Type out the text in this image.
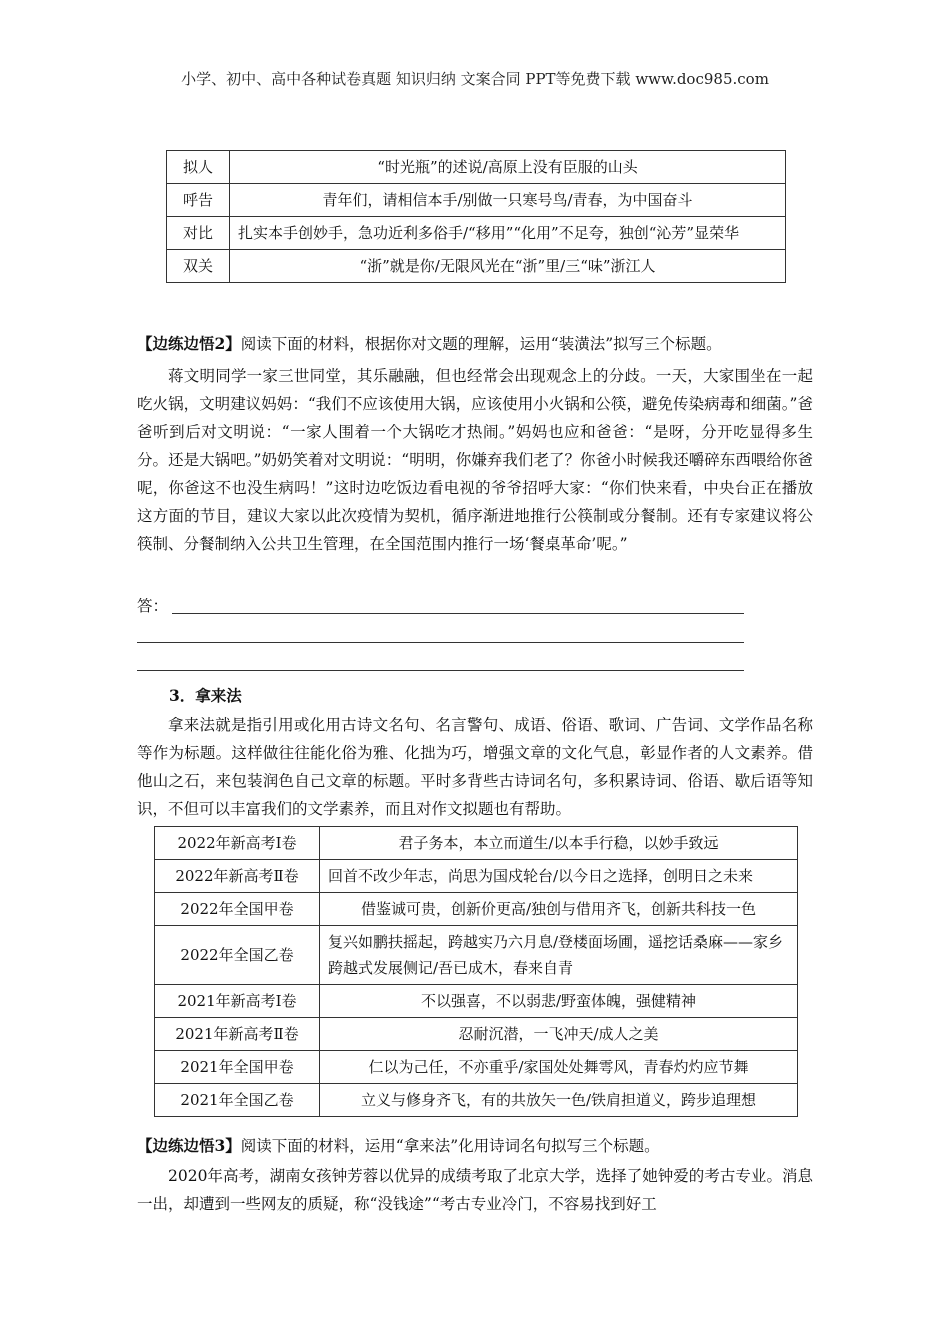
小学、初中、高中各种试卷真题 知识归纳 文案合同 PPT等免费下载 www.doc985.com
拟人	“时光瓶”的述说/高原上没有臣服的山头
呼告	青年们，请相信本手/别做一只寒号鸟/青春，为中国奋斗
对比	扎实本手创妙手，急功近利多俗手/“移用”“化用”不足夸，独创“沁芳”显荣华
双关	“浙”就是你/无限风光在“浙”里/三“味”浙江人
【边练边悟2】阅读下面的材料，根据你对文题的理解，运用“装潢法”拟写三个标题。
蒋文明同学一家三世同堂，其乐融融，但也经常会出现观念上的分歧。一天，大家围坐在一起吃火锅，文明建议妈妈：“我们不应该使用大锅，应该使用小火锅和公筷，避免传染病毒和细菌。”爸爸听到后对文明说：“一家人围着一个大锅吃才热闹。”妈妈也应和爸爸：“是呀，分开吃显得多生分。还是大锅吧。”奶奶笑着对文明说：“明明，你嫌弃我们老了？你爸小时候我还嚼碎东西喂给你爸呢，你爸这不也没生病吗！”这时边吃饭边看电视的爷爷招呼大家：“你们快来看，中央台正在播放这方面的节目，建议大家以此次疫情为契机，循序渐进地推行公筷制或分餐制。还有专家建议将公筷制、分餐制纳入公共卫生管理，在全国范围内推行一场‘餐桌革命’呢。”
答：
3．拿来法
拿来法就是指引用或化用古诗文名句、名言警句、成语、俗语、歌词、广告词、文学作品名称等作为标题。这样做往往能化俗为雅、化拙为巧，增强文章的文化气息，彰显作者的人文素养。借他山之石，来包装润色自己文章的标题。平时多背些古诗词名句，多积累诗词、俗语、歇后语等知识，不但可以丰富我们的文学素养，而且对作文拟题也有帮助。
2022年新高考Ⅰ卷	君子务本，本立而道生/以本手行稳，以妙手致远
2022年新高考Ⅱ卷	回首不改少年志，尚思为国戍轮台/以今日之选择，创明日之未来
2022年全国甲卷	借鉴诚可贵，创新价更高/独创与借用齐飞，创新共科技一色
2022年全国乙卷	复兴如鹏扶摇起，跨越实乃六月息/登楼面场圃，遥挖话桑麻——家乡跨越式发展侧记/吾已成木，春来自青
2021年新高考Ⅰ卷	不以强喜，不以弱悲/野蛮体魄，强健精神
2021年新高考Ⅱ卷	忍耐沉潜，一飞冲天/成人之美
2021年全国甲卷	仁以为己任，不亦重乎/家国处处舞雩风，青春灼灼应节舞
2021年全国乙卷	立义与修身齐飞，有的共放矢一色/铁肩担道义，跨步追理想
【边练边悟3】阅读下面的材料，运用“拿来法”化用诗词名句拟写三个标题。
2020年高考，湖南女孩钟芳蓉以优异的成绩考取了北京大学，选择了她钟爱的考古专业。消息一出，却遭到一些网友的质疑，称“没钱途”“考古专业冷门，不容易找到好工
